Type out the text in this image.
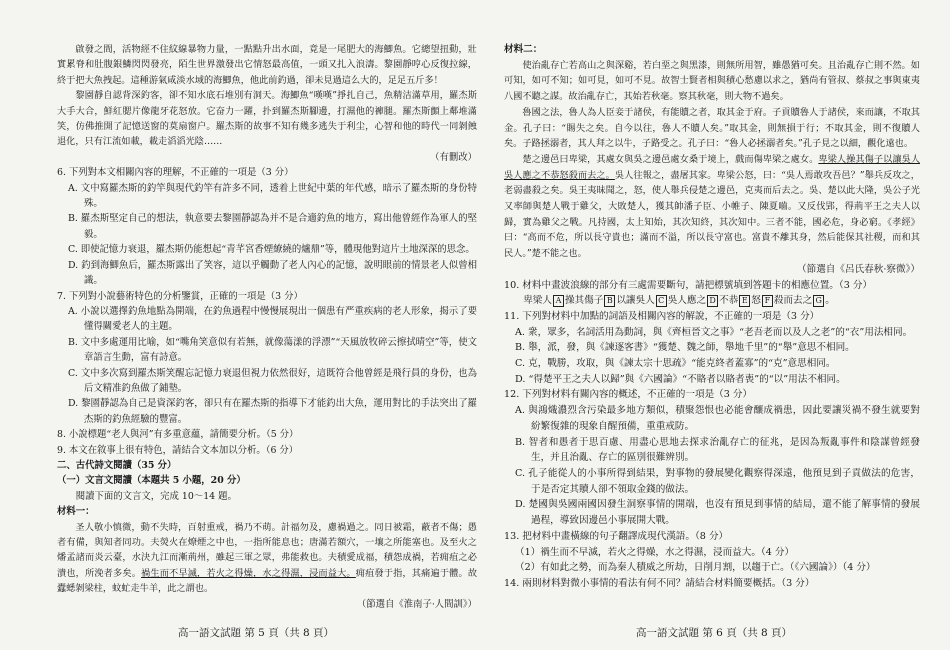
啟發之間，活物經不住紋線暴物力量，一點點升出水面，竟是一尾肥大的海鯽魚。它總望扭動，壯實累脊和肚腹銀鱗閃閃發亮，陌生世界激發出它情怒最高值，一頭又扎入浪濤。黎園靜哼心反復拉線，終于把大魚拽起。這種游氣咸淡水域的海鯽魚，他此前釣過，卻未見過這么大的，足足五斤多！

黎園靜自認背深釣客，卻不知水底石堆別有洞天。海鯽魚“嘆嘆”掙扎自己，魚精洁滿草用，羅杰斯大手大合，鮮紅腮片像龍牙花怒放。它奋力一躍，扑到羅杰斯腳邊，打濕他的褲腿。羅杰斯顫上鄰堆滿笑，仿佛推開了記憶送窗的莫扇窗户。羅杰斯的故事不知有幾多逃失于利尘，心智和他的時代一同剝蝕退化，只有江流如載，載走滔滔光陰……

（有刪改）

6. 下列對本文相關內容的理解，不正確的一項是（3 分）

A. 文中寫羅杰斯的釣竿與現代釣竿有許多不同，透着上世紀中葉的年代感，暗示了羅杰斯的身份特殊。

B. 羅杰斯堅定自己的想法，執意要去黎園靜認為并不是合適釣魚的地方，寫出他曾經作為軍人的堅毅。

C. 即使記憶力衰退，羅杰斯仍能想起“青芊宮香煙繚繞的爐鼎”等，體現他對這片土地深深的思念。

D. 釣到海鯽魚后，羅杰斯露出了笑容，這以乎觸動了老人內心的記憶，說明眼前的情景老人似曾相識。

7. 下列對小說藝術特色的分析鑒賞，正確的一項是（3 分）

A. 小說以選擇釣魚地點為開端，在釣魚過程中慢慢展現出一個患有严重疾病的老人形象，揭示了要懂得關愛老人的主題。

B. 文中多處運用比喻，如“嘴角笑意似有若無，就像蕩漾的浮漂”“天風放牧碎云擦拭晴空”等，使文章語言生動，富有詩意。

C. 文中多次寫到羅杰斯笑醒忘記憶力衰退但視力依然很好，這既符合他曾經是飛行員的身份，也為后文精准釣魚做了鋪墊。

D. 黎園靜認為自己是資深釣客，卻只有在羅杰斯的指導下才能釣出大魚，運用對比的手法突出了羅杰斯的釣魚經驗的豐富。

8. 小說標題“老人與河”有多重意蘊，請簡要分析。（5 分）

9. 本文在敘事上很有特色，請結合文本加以分析。（6 分）

二、古代詩文閱讀（35 分）

（一）文言文閱讀（本題共 5 小題，20 分）

閱讀下面的文言文，完成 10～14 題。

材料一：

圣人敬小慎微，動不失時，百射重戒，禍乃不萌。計福勿及，慮禍過之。同日被霜，蔽者不傷；愚者有備，與知者同功。夫熒火在燎煙之中也，一指所能息也；唐滿若額穴，一壤之所能塞也。及至火之燔孟諸而炎云臺，水決九江而漸荊州，雖起三軍之眾，弗能救也。夫積愛成福，積怨成禍，若痈疽之必潰也，所浼者多矣。禍生而不早滅，若火之得燥，水之得濕，浸而益大。痈疽發于指，其痛遍于體。故蠹蟋剝梁柱，蚊虻走牛羊，此之謂也。

（節選自《淮南子·人間訓》）

材料二：

使治亂存亡若高山之與深谿，若白堊之與黑漆，則無所用智，雖愚猶可矣。且治亂存亡則不然。如可知，如可不知；如可見，如可不見。故智士賢者相與積心愁慮以求之，猶尚有管叔、蔡叔之事與東夷八國不聽之謀。故治亂存亡，其始若秋毫。察其秋毫，則大物不過矣。

魯國之法，魯人為人臣妾于諸侯，有能贖之者，取其金于府。子貢贖魯人于諸侯，來而讓，不取其金。孔子曰：“賜失之矣。自今以往，魯人不贖人矣。”取其金，則無損于行；不取其金，則不復贖人矣。子路拯溺者，其人拜之以牛，子路受之。孔子曰：“魯人必拯溺者矣。”孔子見之以細，觀化遠也。

楚之邊邑曰卑梁，其處女與吳之邊邑處女桑于境上，戲而傷卑梁之處女。卑梁人操其傷子以讓吳人吳人應之不恭怒殺而去之。吳人往報之，盡屠其家。卑梁公怒，曰：“吳人焉敢攻吾邑？”舉兵反攻之，老弱盡殺之矣。吳王夷昧聞之，怒，使人舉兵侵楚之邊邑，克夷而后去之。吳、楚以此大隆，吳公子光又率師與楚人戰于雞父，大敗楚人，獲其帥潘子臣、小帷子、陳夏嚙。又反伐郢，得荊平王之夫人以歸，實為雞父之戰。凡持國，太上知始，其次知終，其次知中。三者不能，國必危，身必窮。《孝經》曰：“高而不危，所以長守貴也；滿而不溢，所以長守富也。富貴不離其身，然后能保其社稷，而和其民人。”楚不能之也。

（節選自《呂氏春秋·察微》）

10. 材料中畫波浪線的部分有三處需要斷句，請把標號填到答題卡的相應位置。（3 分）

卑梁人 A 操其傷子 B 以讓吳人 C 吳人應之 D 不恭 E 怒 F 殺而去之 G 。

11. 下列對材料中加點的詞語及相關內容的解說，不正確的一項是（3 分）

A. 衆，眾多，名詞活用為動詞，與《齊桓晉文之事》“老吾老而以及人之老”的“衣”用法相同。

B. 舉，派，發，與《諫逐客書》“獲楚、魏之師，舉地千里”的“舉”意思不相同。

C. 克，戰勝，攻取，與《諫太宗十思疏》“能克終者蓋寡”的“克”意思相同。

D. “得楚平王之夫人以歸”與《六國論》“不賂者以賂者喪”的“以”用法不相同。

12. 下列對材料有關內容的概述，不正確的一項是（3 分）

A. 與鴻熾濃烈含污染最多地方類似，積聚怨恨也必能會釀成禍患，因此要讓災禍不發生就要對紛繁復雜的現象自醒預備，重重戒防。

B. 智者和愚者于思百慮、用盡心思地去探求治亂存亡的征兆，是因為叛亂事件和陰謀曾經發生，并且治亂、存亡的區別很難辨別。

C. 孔子能從人的小事所得到結果，對事物的發展變化觀察得深遠，他預見到子貢做法的危害，于是否定其贖人卻不領取金錢的做法。

D. 楚國與吳國兩國因發生洞察事情的開端，也沒有預見到事情的結局，還不能了解事情的發展過程，導致因邊邑小事展開大戰。

13. 把材料中畫橫線的句子翻譯成現代漢語。（8 分）

（1）禍生而不早滅，若火之得燥，水之得濕，浸而益大。（4 分）

（2）有如此之勢，而為秦人積威之所劫，日削月割，以趨于亡。（《六國論》）（4 分）

14. 兩則材料對微小事情的看法有何不同？請結合材料簡要概括。（3 分）

高一語文試題 第 5 頁（共 8 頁）	高一語文試題 第 6 頁（共 8 頁）
